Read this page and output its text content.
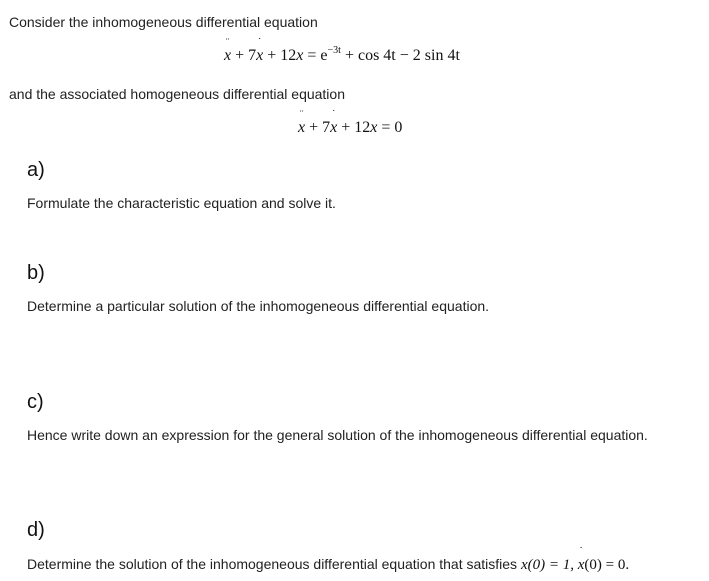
Consider the inhomogeneous differential equation
x
¨
+ 7x
˙
+ $12x = e^{-3t} + \cos 4t - 2$ sin 4t
and the associated homogeneous differential equation
x
¨
+ 7x
˙
+ 12x = 0
a)
Formulate the characteristic equation and solve it.
b)
Determine a particular solution of the inhomogeneous differential equation.
c)
Hence write down an expression for the general solution of the inhomogeneous differential equation.
d)
Determine the solution of the inhomogeneous differential equation that satisfies x(0) = 1, x
˙
(0) = 0.
